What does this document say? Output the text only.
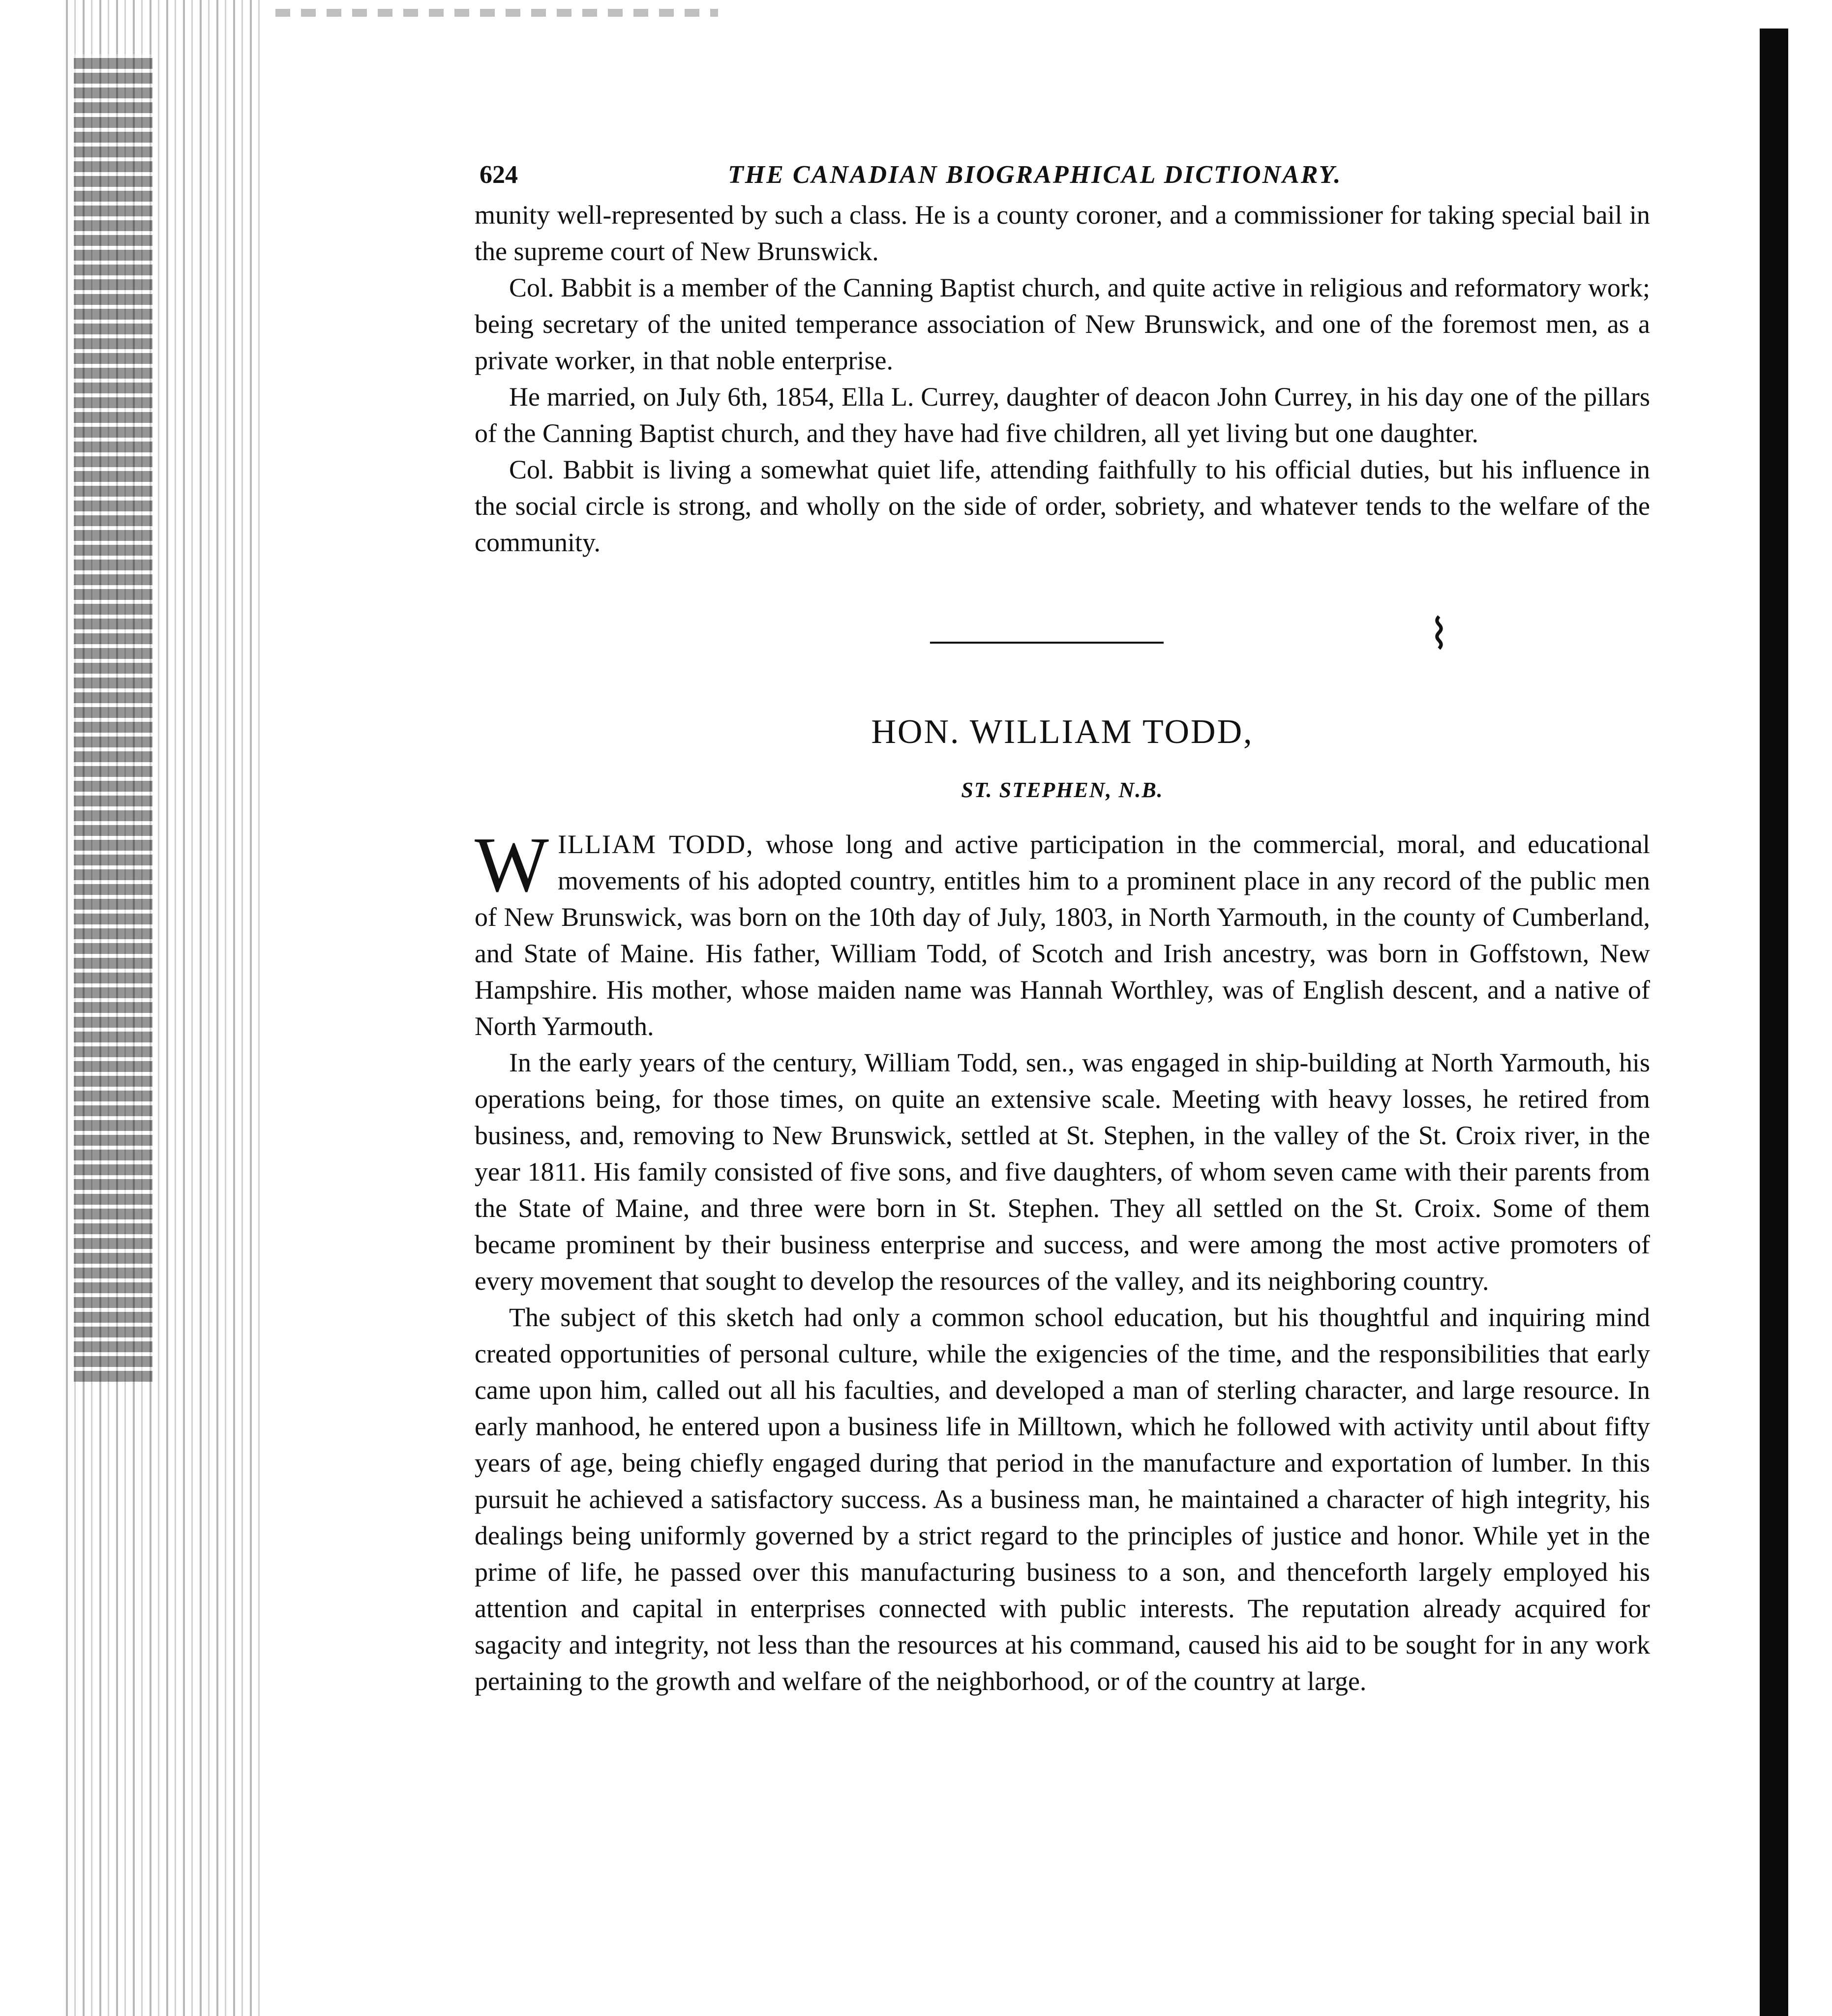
⌇
624	THE CANADIAN BIOGRAPHICAL DICTIONARY.

munity well-represented by such a class. He is a county coroner, and a commissioner for taking special bail in the supreme court of New Brunswick.

Col. Babbit is a member of the Canning Baptist church, and quite active in religious and reformatory work; being secretary of the united temperance association of New Brunswick, and one of the foremost men, as a private worker, in that noble enterprise.

He married, on July 6th, 1854, Ella L. Currey, daughter of deacon John Currey, in his day one of the pillars of the Canning Baptist church, and they have had five children, all yet living but one daughter.

Col. Babbit is living a somewhat quiet life, attending faithfully to his official duties, but his influence in the social circle is strong, and wholly on the side of order, sobriety, and whatever tends to the welfare of the community.

HON. WILLIAM TODD,
ST. STEPHEN, N.B.

WILLIAM TODD, whose long and active participation in the commercial, moral, and educational movements of his adopted country, entitles him to a prominent place in any record of the public men of New Brunswick, was born on the 10th day of July, 1803, in North Yarmouth, in the county of Cumberland, and State of Maine. His father, William Todd, of Scotch and Irish ancestry, was born in Goffstown, New Hampshire. His mother, whose maiden name was Hannah Worthley, was of English descent, and a native of North Yarmouth.

In the early years of the century, William Todd, sen., was engaged in ship-building at North Yarmouth, his operations being, for those times, on quite an extensive scale. Meeting with heavy losses, he retired from business, and, removing to New Brunswick, settled at St. Stephen, in the valley of the St. Croix river, in the year 1811. His family consisted of five sons, and five daughters, of whom seven came with their parents from the State of Maine, and three were born in St. Stephen. They all settled on the St. Croix. Some of them became prominent by their business enterprise and success, and were among the most active promoters of every movement that sought to develop the resources of the valley, and its neighboring country.

The subject of this sketch had only a common school education, but his thoughtful and inquiring mind created opportunities of personal culture, while the exigencies of the time, and the responsibilities that early came upon him, called out all his faculties, and developed a man of sterling character, and large resource. In early manhood, he entered upon a business life in Milltown, which he followed with activity until about fifty years of age, being chiefly engaged during that period in the manufacture and exportation of lumber. In this pursuit he achieved a satisfactory success. As a business man, he maintained a character of high integrity, his dealings being uniformly governed by a strict regard to the principles of justice and honor. While yet in the prime of life, he passed over this manufacturing business to a son, and thenceforth largely employed his attention and capital in enterprises connected with public interests. The reputation already acquired for sagacity and integrity, not less than the resources at his command, caused his aid to be sought for in any work pertaining to the growth and welfare of the neighborhood, or of the country at large.
